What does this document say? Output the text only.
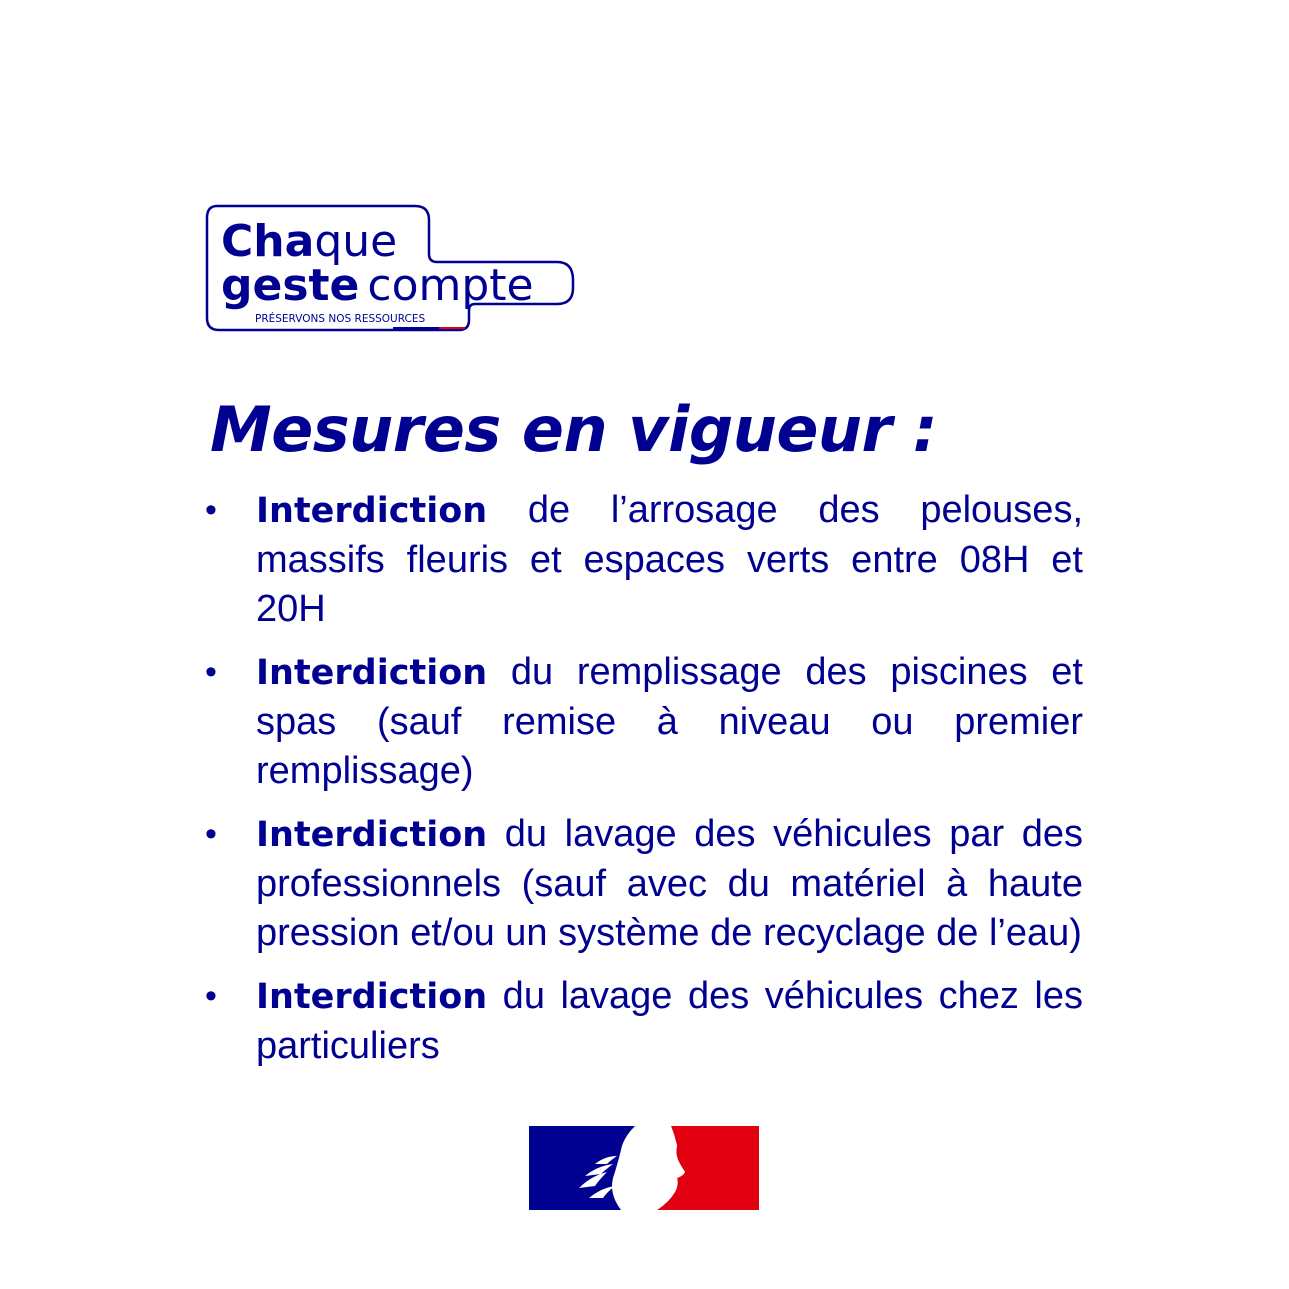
Chaque
geste compte
PRÉSERVONS NOS RESSOURCES
Mesures en vigueur :
• Interdiction de l’arrosage des pelouses, massifs fleuris et espaces verts entre 08H et 20H
• Interdiction du remplissage des piscines et spas (sauf remise à niveau ou premier remplissage)
• Interdiction du lavage des véhicules par des professionnels (sauf avec du matériel à haute pression et/ou un système de recyclage de l’eau)
• Interdiction du lavage des véhicules chez les particuliers
